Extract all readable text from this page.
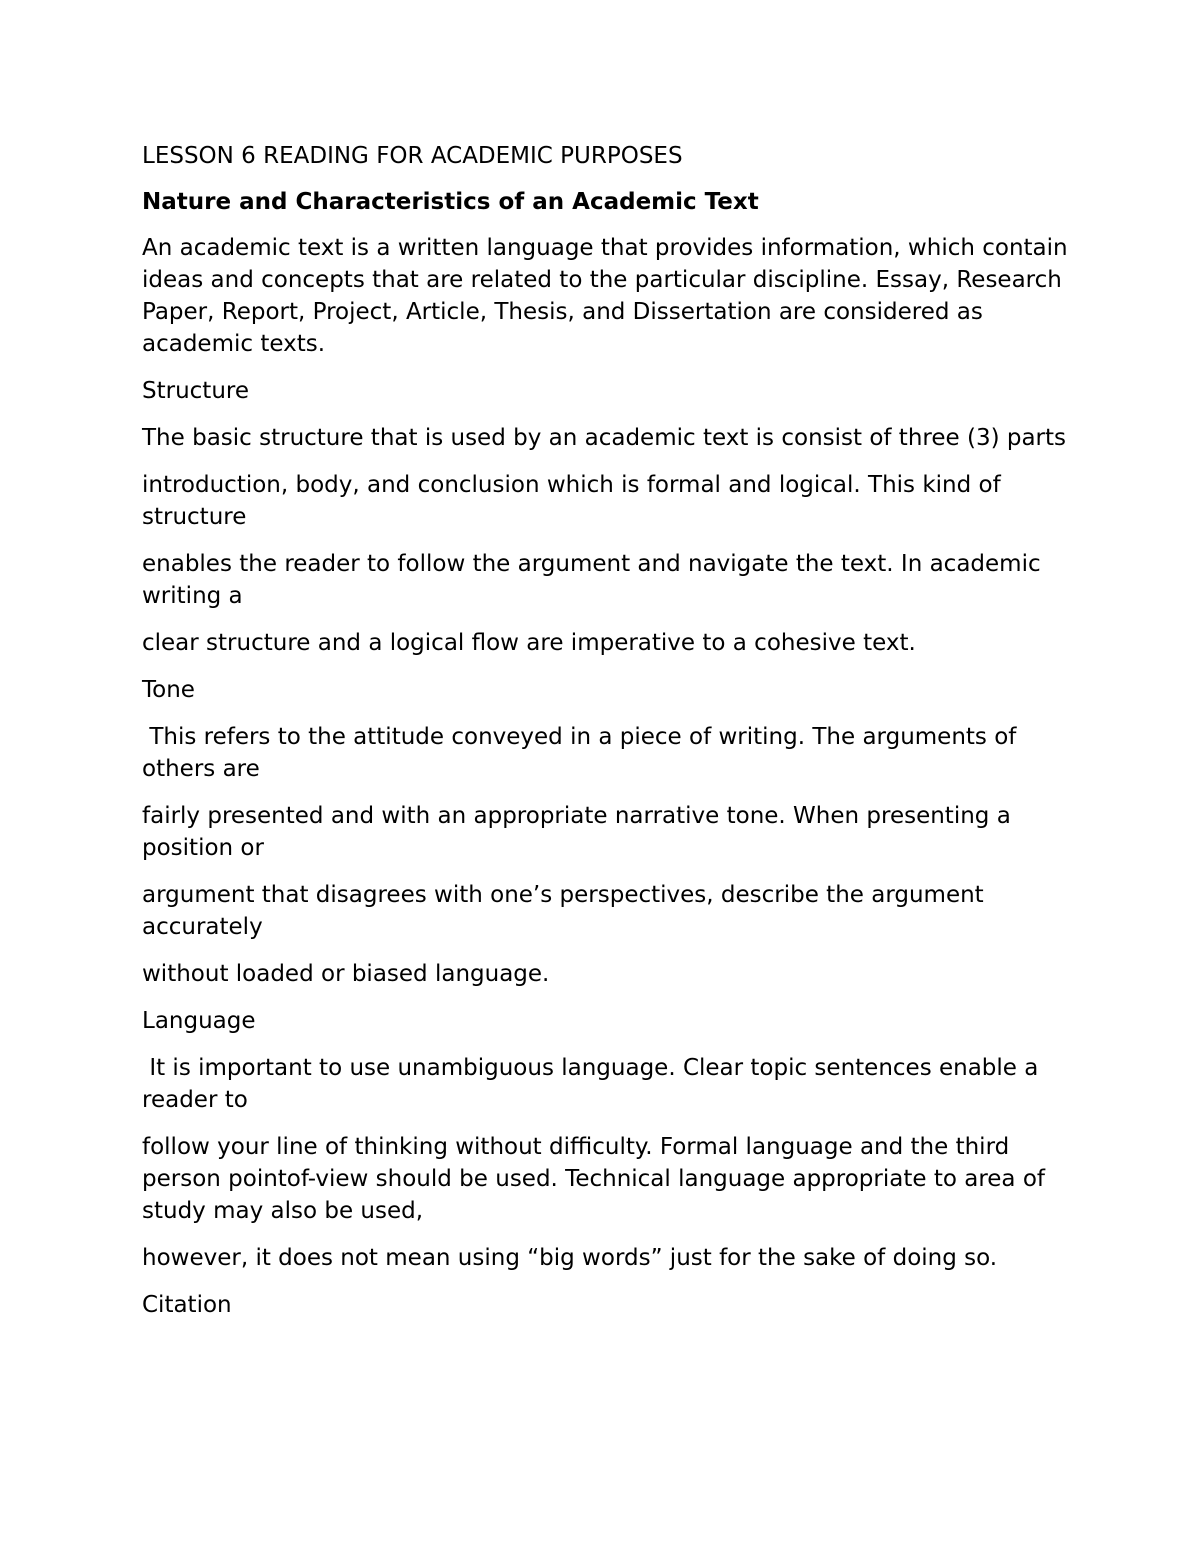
LESSON 6 READING FOR ACADEMIC PURPOSES

Nature and Characteristics of an Academic Text

An academic text is a written language that provides information, which contain ideas and concepts that are related to the particular discipline. Essay, Research Paper, Report, Project, Article, Thesis, and Dissertation are considered as academic texts.

Structure

The basic structure that is used by an academic text is consist of three (3) parts

introduction, body, and conclusion which is formal and logical. This kind of structure

enables the reader to follow the argument and navigate the text. In academic writing a

clear structure and a logical flow are imperative to a cohesive text.

Tone

This refers to the attitude conveyed in a piece of writing. The arguments of others are

fairly presented and with an appropriate narrative tone. When presenting a position or

argument that disagrees with one’s perspectives, describe the argument accurately

without loaded or biased language.

Language

It is important to use unambiguous language. Clear topic sentences enable a reader to

follow your line of thinking without difficulty. Formal language and the third person pointof-view should be used. Technical language appropriate to area of study may also be used,

however, it does not mean using “big words” just for the sake of doing so.

Citation
